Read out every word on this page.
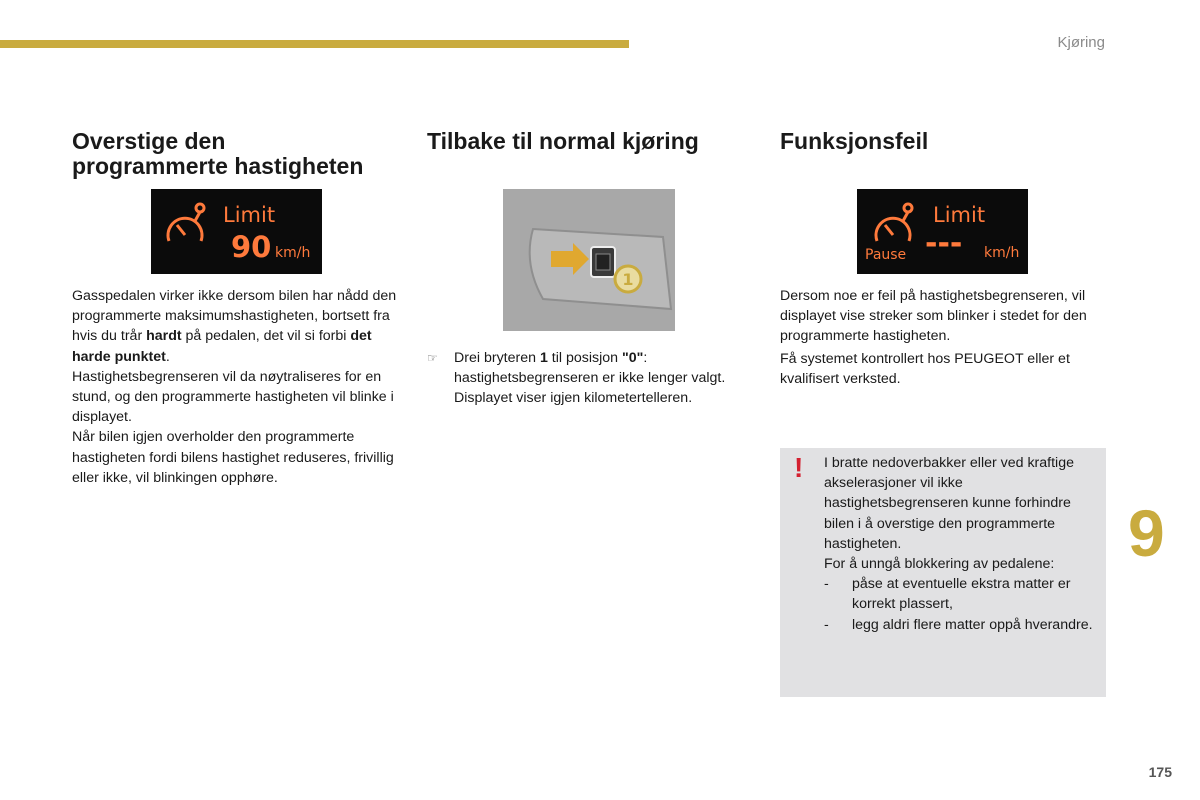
Kjøring
Overstige den
programmerte hastigheten
Limit
90 km/h

Gasspedalen virker ikke dersom bilen har nådd den programmerte maksimumshastigheten, bortsett fra hvis du trår hardt på pedalen, det vil si forbi det harde punktet.

Hastighetsbegrenseren vil da nøytraliseres for en stund, og den programmerte hastigheten vil blinke i displayet.

Når bilen igjen overholder den programmerte hastigheten fordi bilens hastighet reduseres, frivillig eller ikke, vil blinkingen opphøre.

Tilbake til normal kjøring
1
☞ Drei bryteren 1 til posisjon "0": hastighetsbegrenseren er ikke lenger valgt. Displayet viser igjen kilometertelleren.
Funksjonsfeil
Pause
Limit
--- km/h

Dersom noe er feil på hastighetsbegrenseren, vil displayet vise streker som blinker i stedet for den programmerte hastigheten.

Få systemet kontrollert hos PEUGEOT eller et kvalifisert verksted.

! I bratte nedoverbakker eller ved kraftige akselerasjoner vil ikke hastighetsbegrenseren kunne forhindre bilen i å overstige den programmerte hastigheten.

For å unngå blokkering av pedalene:

- påse at eventuelle ekstra matter er korrekt plassert,
- legg aldri flere matter oppå hverandre.
9
175
